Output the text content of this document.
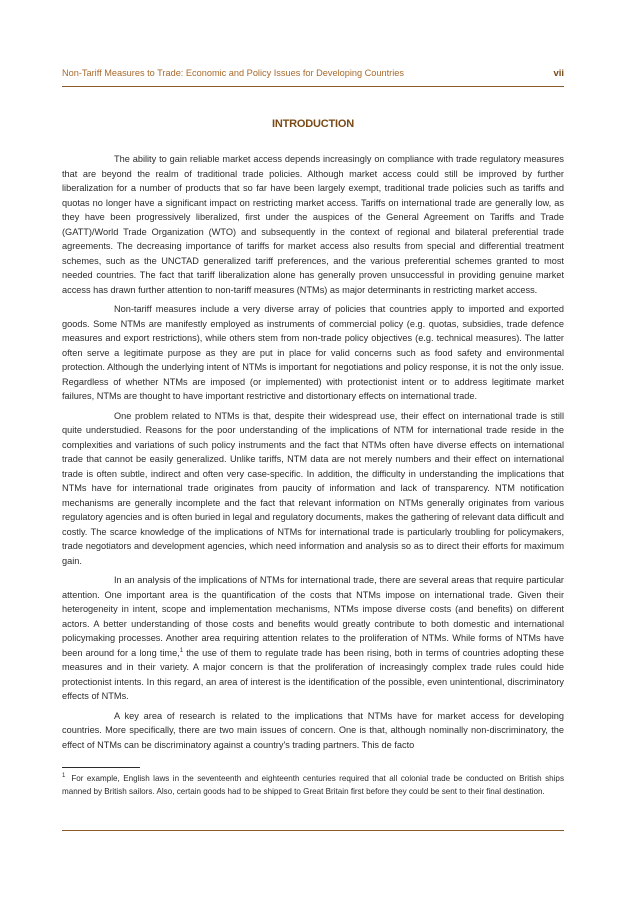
Non-Tariff Measures to Trade: Economic and Policy Issues for Developing Countries	vii
INTRODUCTION

The ability to gain reliable market access depends increasingly on compliance with trade regulatory measures that are beyond the realm of traditional trade policies. Although market access could still be improved by further liberalization for a number of products that so far have been largely exempt, traditional trade policies such as tariffs and quotas no longer have a significant impact on restricting market access. Tariffs on international trade are generally low, as they have been progressively liberalized, first under the auspices of the General Agreement on Tariffs and Trade (GATT)/World Trade Organization (WTO) and subsequently in the context of regional and bilateral preferential trade agreements. The decreasing importance of tariffs for market access also results from special and differential treatment schemes, such as the UNCTAD generalized tariff preferences, and the various preferential schemes granted to most needed countries. The fact that tariff liberalization alone has generally proven unsuccessful in providing genuine market access has drawn further attention to non-tariff measures (NTMs) as major determinants in restricting market access.

Non-tariff measures include a very diverse array of policies that countries apply to imported and exported goods. Some NTMs are manifestly employed as instruments of commercial policy (e.g. quotas, subsidies, trade defence measures and export restrictions), while others stem from non-trade policy objectives (e.g. technical measures). The latter often serve a legitimate purpose as they are put in place for valid concerns such as food safety and environmental protection. Although the underlying intent of NTMs is important for negotiations and policy response, it is not the only issue. Regardless of whether NTMs are imposed (or implemented) with protectionist intent or to address legitimate market failures, NTMs are thought to have important restrictive and distortionary effects on international trade.

One problem related to NTMs is that, despite their widespread use, their effect on international trade is still quite understudied. Reasons for the poor understanding of the implications of NTM for international trade reside in the complexities and variations of such policy instruments and the fact that NTMs often have diverse effects on international trade that cannot be easily generalized. Unlike tariffs, NTM data are not merely numbers and their effect on international trade is often subtle, indirect and often very case-specific. In addition, the difficulty in understanding the implications that NTMs have for international trade originates from paucity of information and lack of transparency. NTM notification mechanisms are generally incomplete and the fact that relevant information on NTMs generally originates from various regulatory agencies and is often buried in legal and regulatory documents, makes the gathering of relevant data difficult and costly. The scarce knowledge of the implications of NTMs for international trade is particularly troubling for policymakers, trade negotiators and development agencies, which need information and analysis so as to direct their efforts for maximum gain.

In an analysis of the implications of NTMs for international trade, there are several areas that require particular attention. One important area is the quantification of the costs that NTMs impose on international trade. Given their heterogeneity in intent, scope and implementation mechanisms, NTMs impose diverse costs (and benefits) on different actors. A better understanding of those costs and benefits would greatly contribute to both domestic and international policymaking processes. Another area requiring attention relates to the proliferation of NTMs. While forms of NTMs have been around for a long time,$^1$ the use of them to regulate trade has been rising, both in terms of countries adopting these measures and in their variety. A major concern is that the proliferation of increasingly complex trade rules could hide protectionist intents. In this regard, an area of interest is the identification of the possible, even unintentional, discriminatory effects of NTMs.

A key area of research is related to the implications that NTMs have for market access for developing countries. More specifically, there are two main issues of concern. One is that, although nominally non-discriminatory, the effect of NTMs can be discriminatory against a country's trading partners. This de facto

$^1$ For example, English laws in the seventeenth and eighteenth centuries required that all colonial trade be conducted on British ships manned by British sailors. Also, certain goods had to be shipped to Great Britain first before they could be sent to their final destination.
